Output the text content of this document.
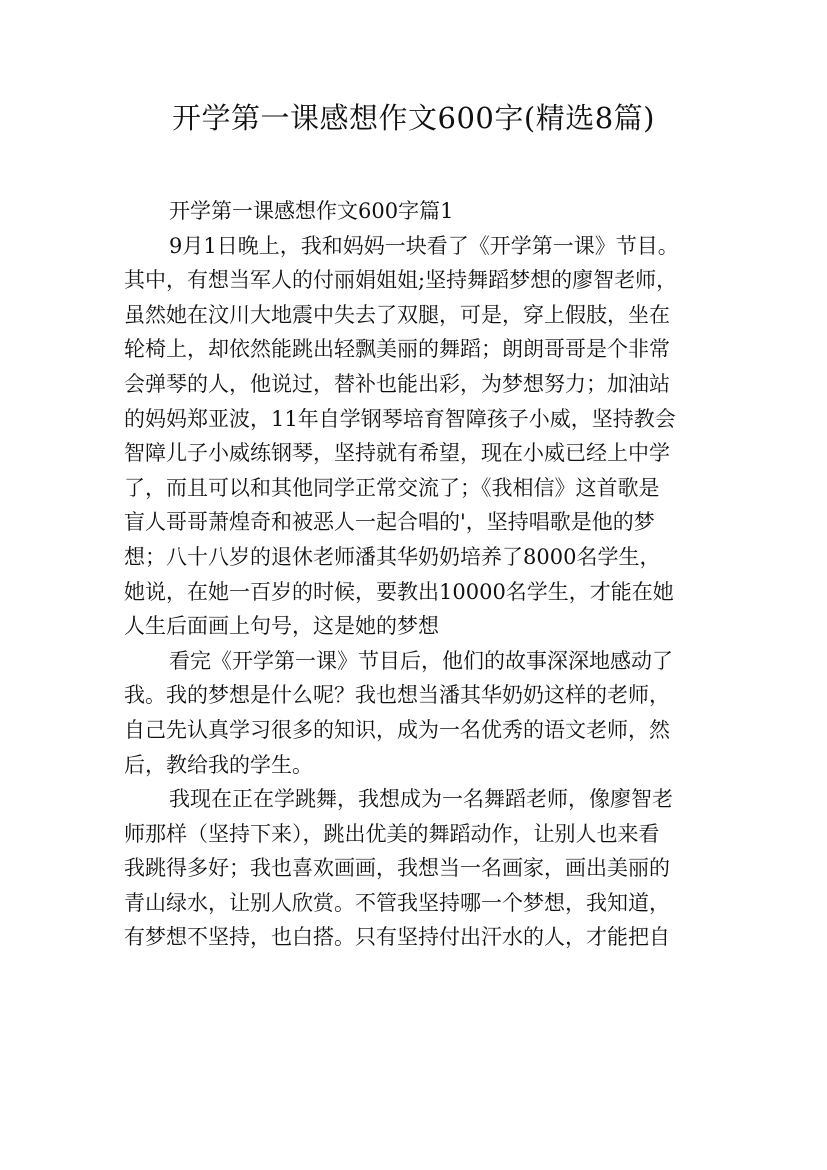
开学第一课感想作文600字(精选8篇)
开学第一课感想作文600字篇1
9月1日晚上，我和妈妈一块看了《开学第一课》节目。
其中，有想当军人的付丽娟姐姐;坚持舞蹈梦想的廖智老师，
虽然她在汶川大地震中失去了双腿，可是，穿上假肢，坐在
轮椅上，却依然能跳出轻飘美丽的舞蹈；朗朗哥哥是个非常
会弹琴的人，他说过，替补也能出彩，为梦想努力；加油站
的妈妈郑亚波，11年自学钢琴培育智障孩子小威，坚持教会
智障儿子小威练钢琴，坚持就有希望，现在小威已经上中学
了，而且可以和其他同学正常交流了；《我相信》这首歌是
盲人哥哥萧煌奇和被恶人一起合唱的'，坚持唱歌是他的梦
想；八十八岁的退休老师潘其华奶奶培养了8000名学生，
她说，在她一百岁的时候，要教出10000名学生，才能在她
人生后面画上句号，这是她的梦想
看完《开学第一课》节目后，他们的故事深深地感动了
我。我的梦想是什么呢？我也想当潘其华奶奶这样的老师，
自己先认真学习很多的知识，成为一名优秀的语文老师，然
后，教给我的学生。
我现在正在学跳舞，我想成为一名舞蹈老师，像廖智老
师那样（坚持下来），跳出优美的舞蹈动作，让别人也来看
我跳得多好；我也喜欢画画，我想当一名画家，画出美丽的
青山绿水，让别人欣赏。不管我坚持哪一个梦想，我知道，
有梦想不坚持，也白搭。只有坚持付出汗水的人，才能把自
